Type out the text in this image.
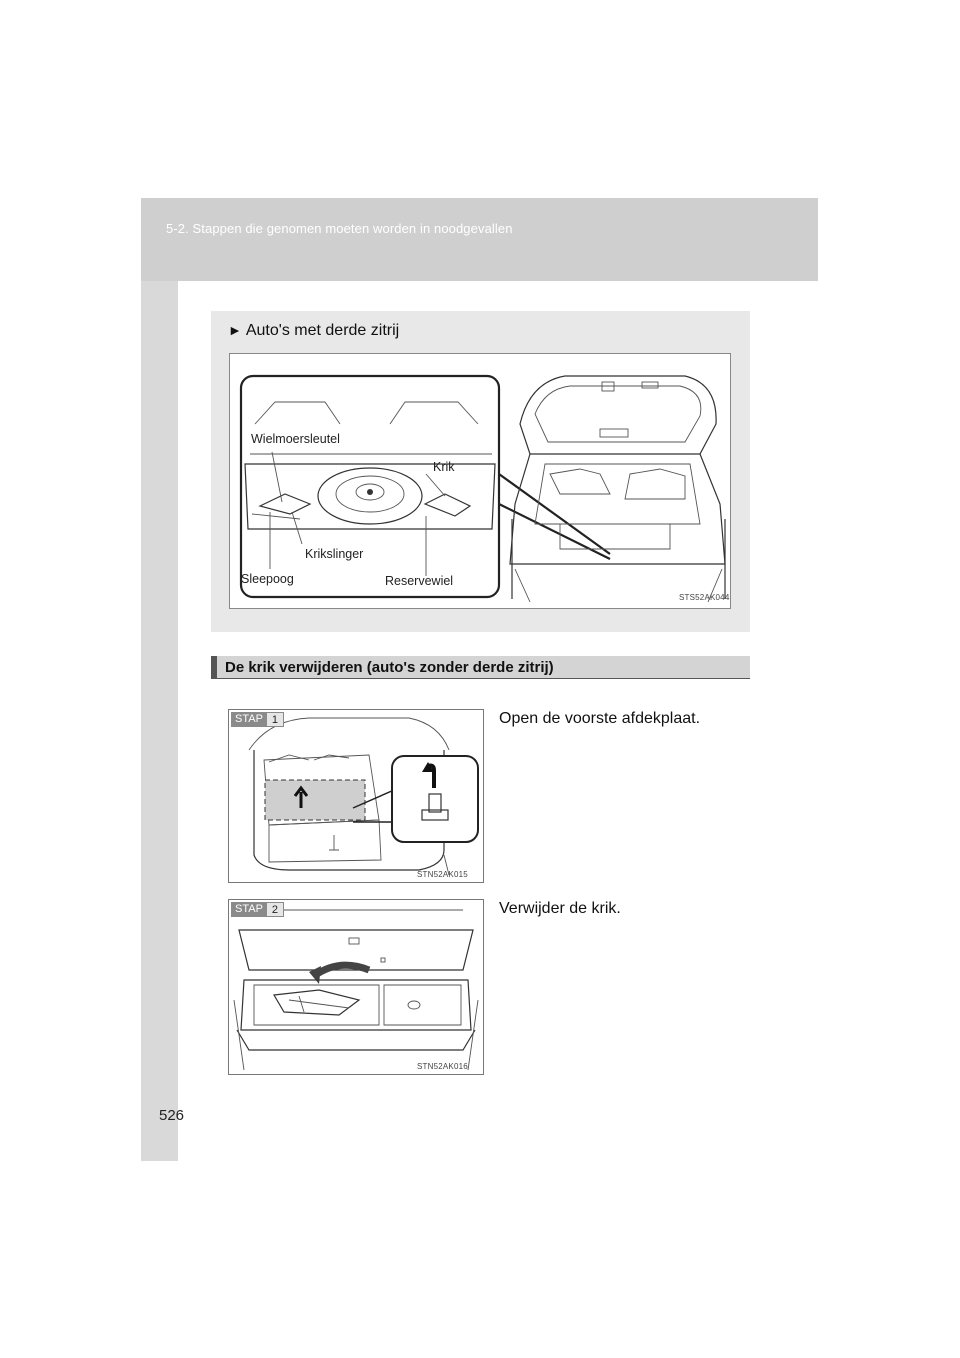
5-2. Stappen die genomen moeten worden in noodgevallen
526
► Auto's met derde zitrij
Wielmoersleutel
Krik
Krikslinger
Sleepoog	Reservewiel
STS52AK044
De krik verwijderen (auto's zonder derde zitrij)
STAP 1
STN52AK015
Open de voorste afdekplaat.
STAP 2
STN52AK016
Verwijder de krik.
